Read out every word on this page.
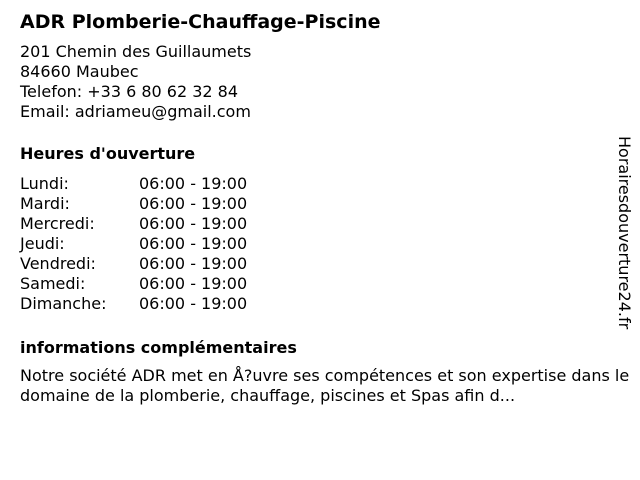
ADR Plomberie-Chauffage-Piscine
201 Chemin des Guillaumets
84660 Maubec
Telefon: +33 6 80 62 32 84
Email: adriameu@gmail.com
Heures d'ouverture
Lundi:	06:00 - 19:00
Mardi:	06:00 - 19:00
Mercredi:	06:00 - 19:00
Jeudi:	06:00 - 19:00
Vendredi:	06:00 - 19:00
Samedi:	06:00 - 19:00
Dimanche:	06:00 - 19:00
informations complémentaires
Notre société ADR met en Å?uvre ses compétences et son expertise dans le domaine de la plomberie, chauffage, piscines et Spas afin d...
Horairesdouverture24.fr
